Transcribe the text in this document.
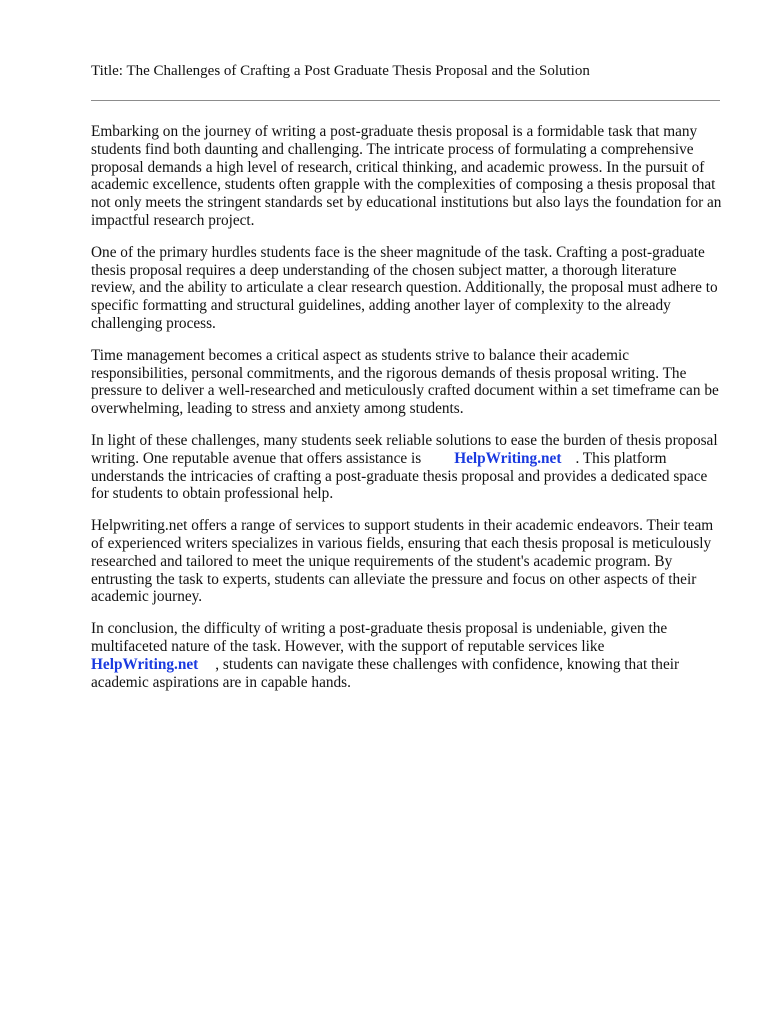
Title: The Challenges of Crafting a Post Graduate Thesis Proposal and the Solution

Embarking on the journey of writing a post-graduate thesis proposal is a formidable task that many students find both daunting and challenging. The intricate process of formulating a comprehensive proposal demands a high level of research, critical thinking, and academic prowess. In the pursuit of academic excellence, students often grapple with the complexities of composing a thesis proposal that not only meets the stringent standards set by educational institutions but also lays the foundation for an impactful research project.

One of the primary hurdles students face is the sheer magnitude of the task. Crafting a post-graduate thesis proposal requires a deep understanding of the chosen subject matter, a thorough literature review, and the ability to articulate a clear research question. Additionally, the proposal must adhere to specific formatting and structural guidelines, adding another layer of complexity to the already challenging process.

Time management becomes a critical aspect as students strive to balance their academic responsibilities, personal commitments, and the rigorous demands of thesis proposal writing. The pressure to deliver a well-researched and meticulously crafted document within a set timeframe can be overwhelming, leading to stress and anxiety among students.

In light of these challenges, many students seek reliable solutions to ease the burden of thesis proposal writing. One reputable avenue that offers assistance is HelpWriting.net . This platform understands the intricacies of crafting a post-graduate thesis proposal and provides a dedicated space for students to obtain professional help.

Helpwriting.net offers a range of services to support students in their academic endeavors. Their team of experienced writers specializes in various fields, ensuring that each thesis proposal is meticulously researched and tailored to meet the unique requirements of the student's academic program. By entrusting the task to experts, students can alleviate the pressure and focus on other aspects of their academic journey.

In conclusion, the difficulty of writing a post-graduate thesis proposal is undeniable, given the multifaceted nature of the task. However, with the support of reputable services like HelpWriting.net , students can navigate these challenges with confidence, knowing that their academic aspirations are in capable hands.
